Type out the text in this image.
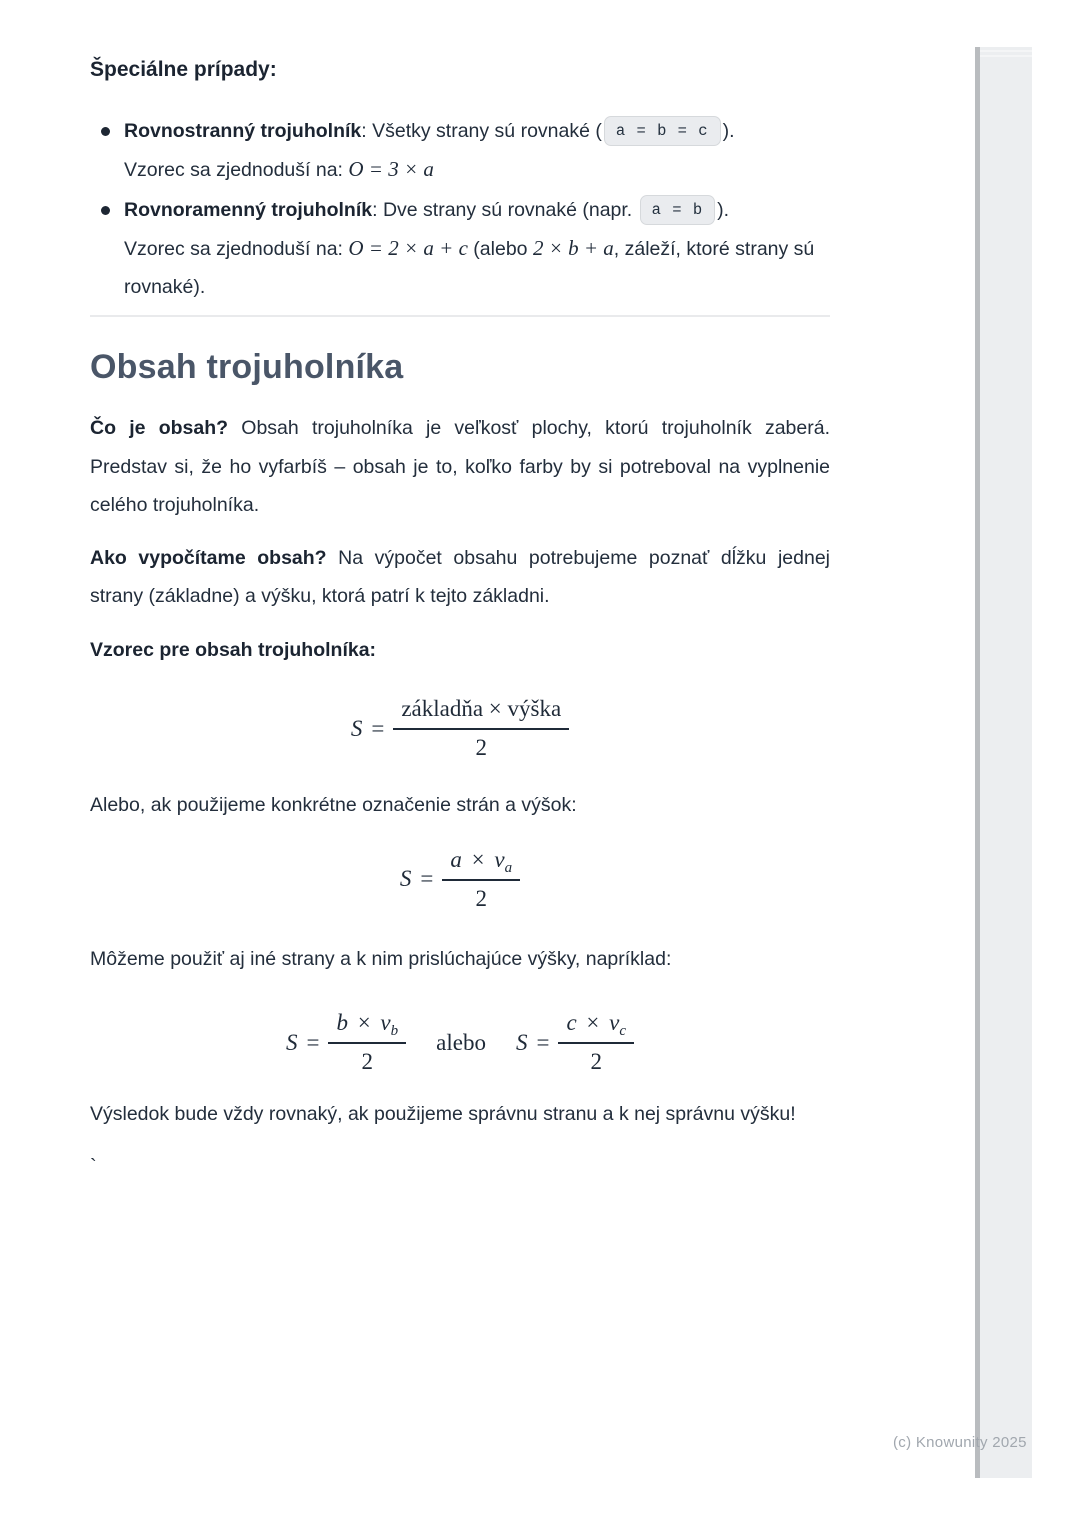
Špeciálne prípady:
Rovnostranný trojuholník: Všetky strany sú rovnaké ( a = b = c ).
Vzorec sa zjednoduší na: O = 3 × a
Rovnoramenný trojuholník: Dve strany sú rovnaké (napr. a = b ).
Vzorec sa zjednoduší na: O = 2 × a + c (alebo 2 × b + a, záleží, ktoré strany sú rovnaké).
Obsah trojuholníka

Čo je obsah? Obsah trojuholníka je veľkosť plochy, ktorú trojuholník zaberá. Predstav si, že ho vyfarbíš – obsah je to, koľko farby by si potreboval na vyplnenie celého trojuholníka.

Ako vypočítame obsah? Na výpočet obsahu potrebujeme poznať dĺžku jednej strany (základne) a výšku, ktorá patrí k tejto základni.

Vzorec pre obsah trojuholníka:

$S = \frac{\text{základňa × výška}}{2}$

Alebo, ak použijeme konkrétne označenie strán a výšok:

$S = \frac{a \times v_a}{2}$

Môžeme použiť aj iné strany a k nim prislúchajúce výšky, napríklad:

$S = \frac{b \times v_b}{2}$ alebo $S = \frac{c \times v_c}{2}$

Výsledok bude vždy rovnaký, ak použijeme správnu stranu a k nej správnu výšku!

`
(c) Knowunity 2025
